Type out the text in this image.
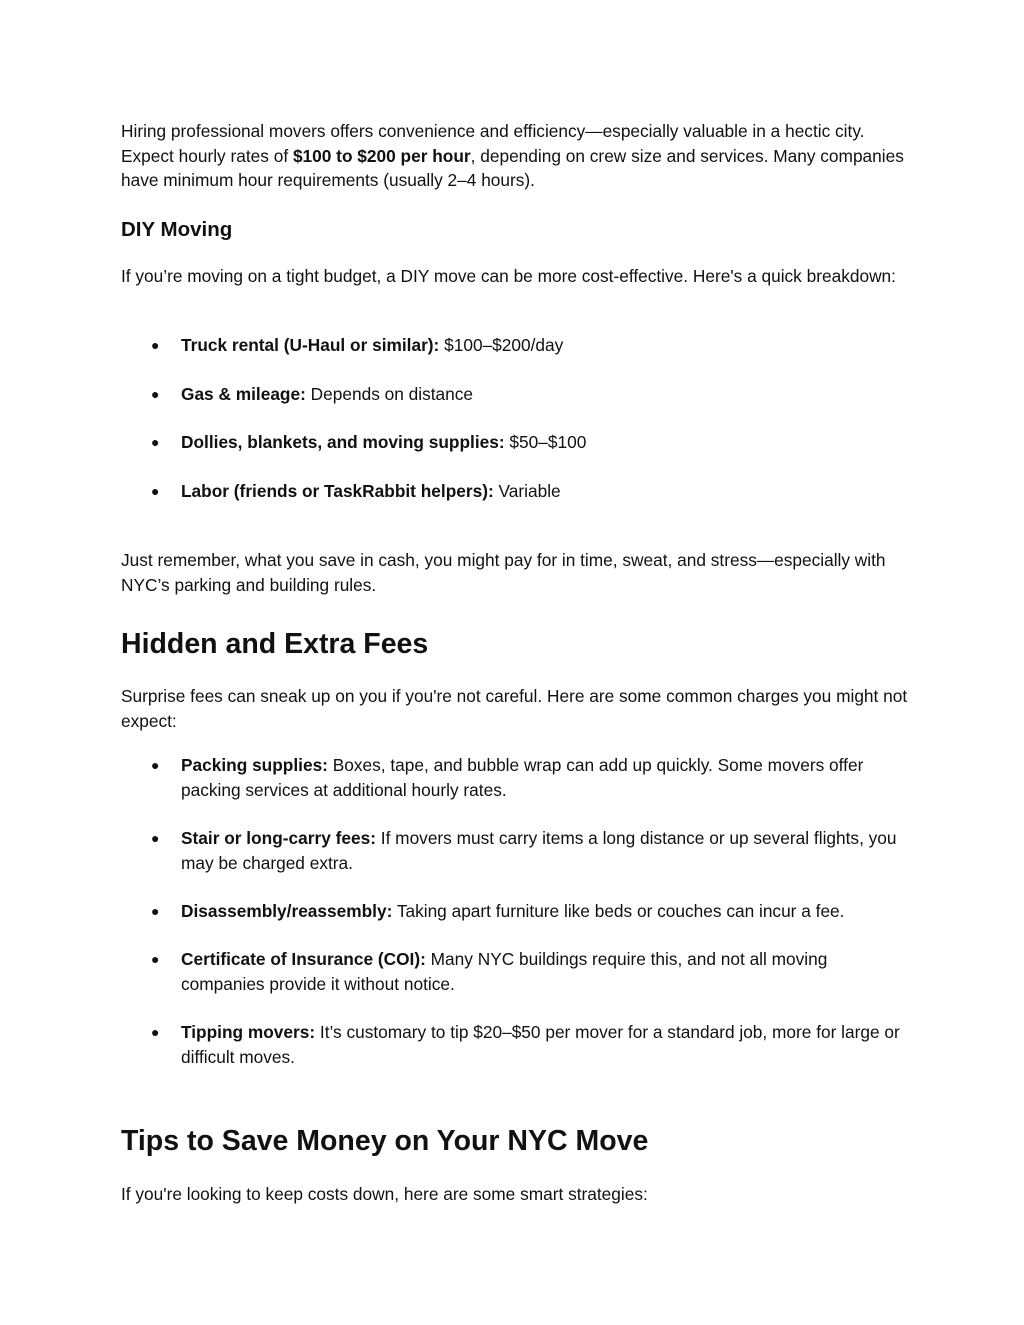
Hiring professional movers offers convenience and efficiency—especially valuable in a hectic city. Expect hourly rates of $100 to $200 per hour, depending on crew size and services. Many companies have minimum hour requirements (usually 2–4 hours).

DIY Moving

If you’re moving on a tight budget, a DIY move can be more cost-effective. Here's a quick breakdown:

● Truck rental (U-Haul or similar): $100–$200/day
● Gas & mileage: Depends on distance
● Dollies, blankets, and moving supplies: $50–$100
● Labor (friends or TaskRabbit helpers): Variable

Just remember, what you save in cash, you might pay for in time, sweat, and stress—especially with NYC’s parking and building rules.

Hidden and Extra Fees

Surprise fees can sneak up on you if you're not careful. Here are some common charges you might not expect:

● Packing supplies: Boxes, tape, and bubble wrap can add up quickly. Some movers offer packing services at additional hourly rates.
● Stair or long-carry fees: If movers must carry items a long distance or up several flights, you may be charged extra.
● Disassembly/reassembly: Taking apart furniture like beds or couches can incur a fee.
● Certificate of Insurance (COI): Many NYC buildings require this, and not all moving companies provide it without notice.
● Tipping movers: It’s customary to tip $20–$50 per mover for a standard job, more for large or difficult moves.
Tips to Save Money on Your NYC Move

If you're looking to keep costs down, here are some smart strategies:
